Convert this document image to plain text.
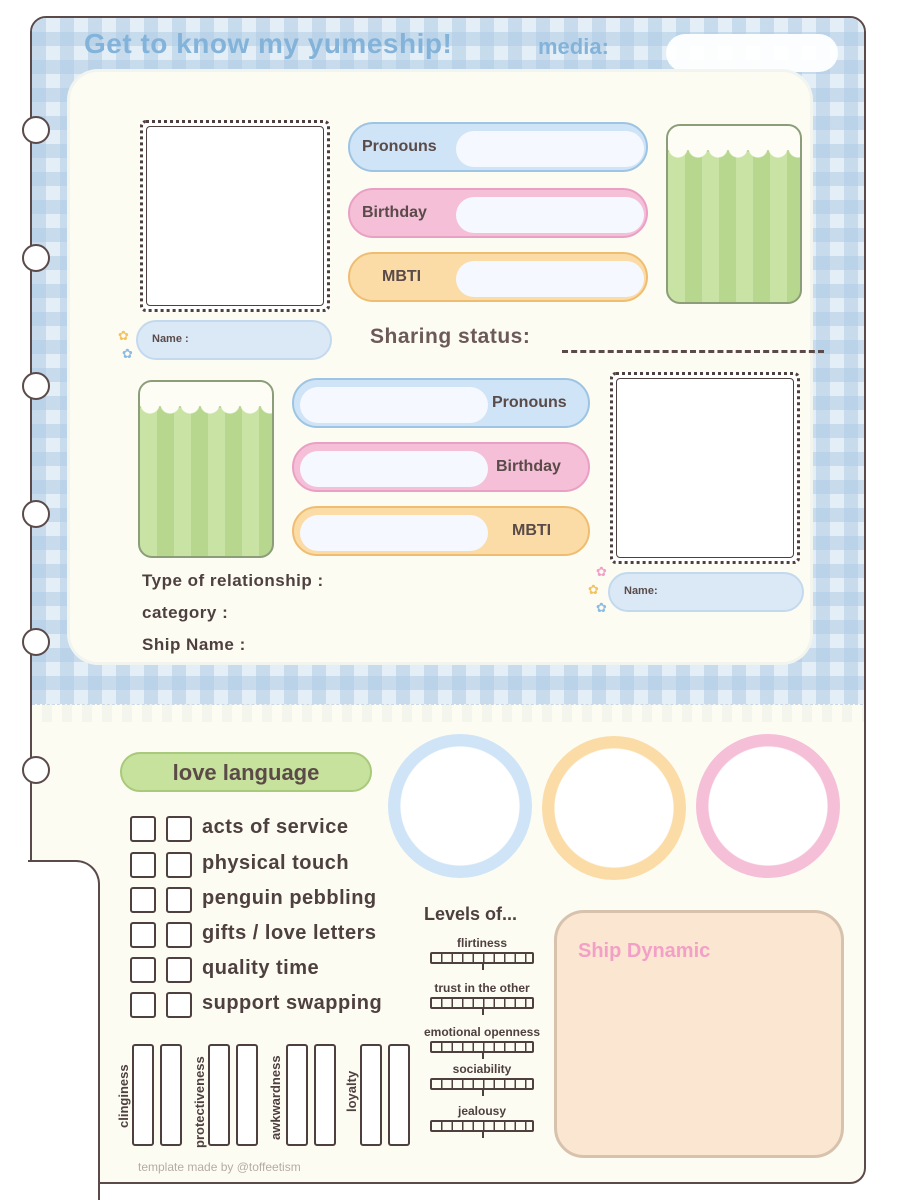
Get to know my yumeship!	media:
Pronouns
Birthday
MBTI
✿
✿
Name :	Sharing status:
Pronouns
Birthday
MBTI
✿
✿
✿
Name:
Type of relationship :
category :
Ship Name :
love language
acts of service
physical touch
penguin pebbling
gifts / love letters
quality time
support swapping
Levels of...
flirtiness
trust in the other
emotional openness
sociability
jealousy
clinginess	protectiveness	awkwardness	loyalty
Ship Dynamic
template made by @toffeetism
